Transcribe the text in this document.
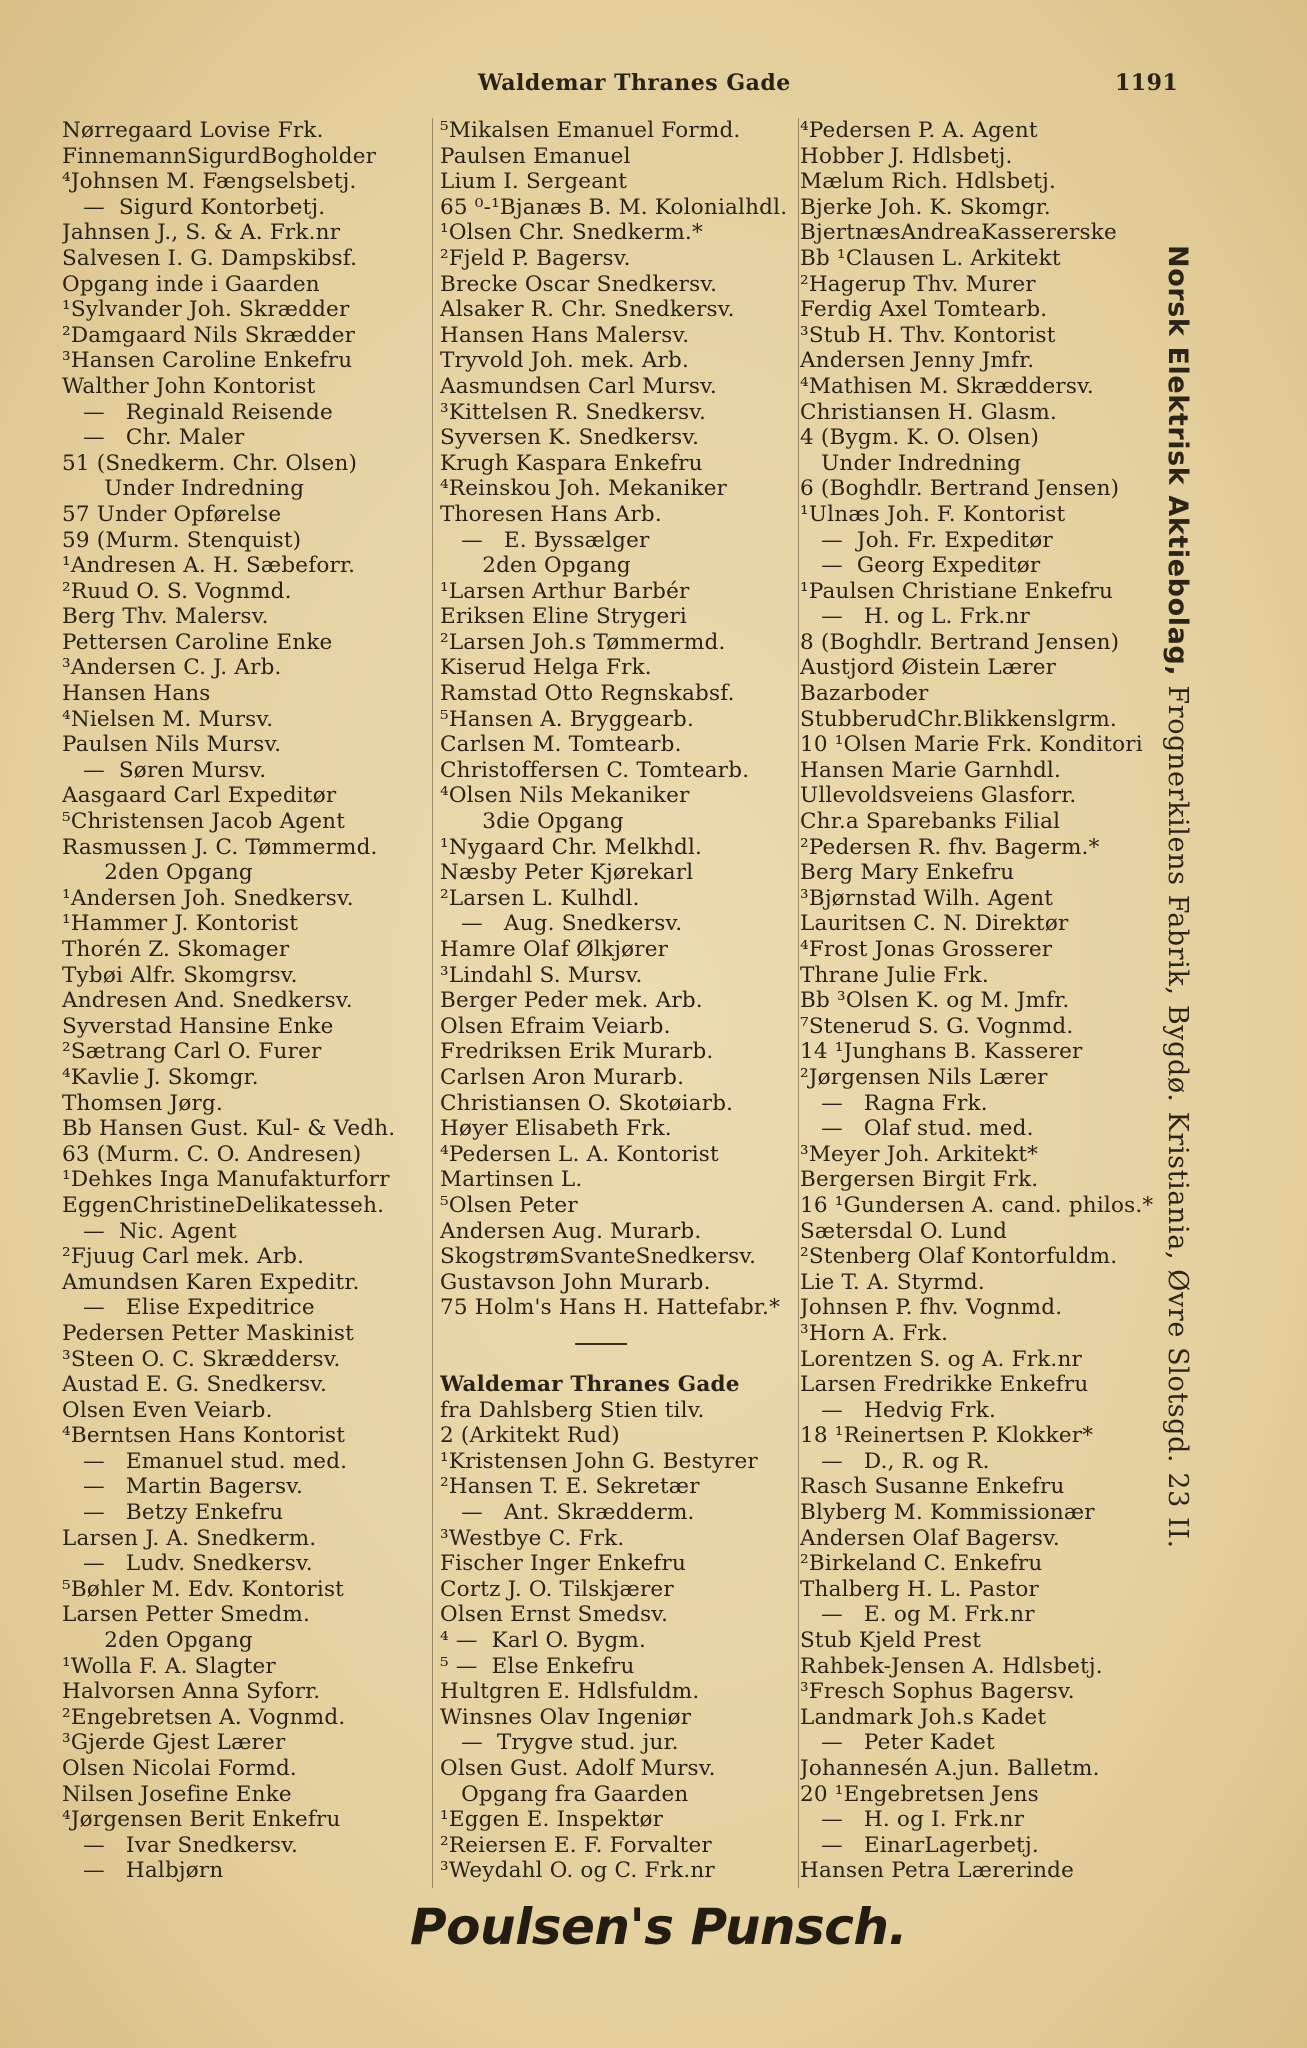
Waldemar Thranes Gade	1191
Nørregaard Lovise Frk.
FinnemannSigurdBogholder
⁴Johnsen M. Fængselsbetj.
—  Sigurd Kontorbetj.
Jahnsen J., S. & A. Frk.nr
Salvesen I. G. Dampskibsf.
Opgang inde i Gaarden
¹Sylvander Joh. Skrædder
²Damgaard Nils Skrædder
³Hansen Caroline Enkefru
Walther John Kontorist
—   Reginald Reisende
—   Chr. Maler
51 (Snedkerm. Chr. Olsen)
Under Indredning
57 Under Opførelse
59 (Murm. Stenquist)
¹Andresen A. H. Sæbeforr.
²Ruud O. S. Vognmd.
Berg Thv. Malersv.
Pettersen Caroline Enke
³Andersen C. J. Arb.
Hansen Hans
⁴Nielsen M. Mursv.
Paulsen Nils Mursv.
—  Søren Mursv.
Aasgaard Carl Expeditør
⁵Christensen Jacob Agent
Rasmussen J. C. Tømmermd.
2den Opgang
¹Andersen Joh. Snedkersv.
¹Hammer J. Kontorist
Thorén Z. Skomager
Tybøi Alfr. Skomgrsv.
Andresen And. Snedkersv.
Syverstad Hansine Enke
²Sætrang Carl O. Furer
⁴Kavlie J. Skomgr.
Thomsen Jørg.
Bb Hansen Gust. Kul- & Vedh.
63 (Murm. C. O. Andresen)
¹Dehkes Inga Manufakturforr
EggenChristineDelikatesseh.
—  Nic. Agent
²Fjuug Carl mek. Arb.
Amundsen Karen Expeditr.
—   Elise Expeditrice
Pedersen Petter Maskinist
³Steen O. C. Skræddersv.
Austad E. G. Snedkersv.
Olsen Even Veiarb.
⁴Berntsen Hans Kontorist
—   Emanuel stud. med.
—   Martin Bagersv.
—   Betzy Enkefru
Larsen J. A. Snedkerm.
—   Ludv. Snedkersv.
⁵Bøhler M. Edv. Kontorist
Larsen Petter Smedm.
2den Opgang
¹Wolla F. A. Slagter
Halvorsen Anna Syforr.
²Engebretsen A. Vognmd.
³Gjerde Gjest Lærer
Olsen Nicolai Formd.
Nilsen Josefine Enke
⁴Jørgensen Berit Enkefru
—   Ivar Snedkersv.
—   Halbjørn
⁵Mikalsen Emanuel Formd.
Paulsen Emanuel
Lium I. Sergeant
65 ⁰-¹Bjanæs B. M. Kolonialhdl.
¹Olsen Chr. Snedkerm.*
²Fjeld P. Bagersv.
Brecke Oscar Snedkersv.
Alsaker R. Chr. Snedkersv.
Hansen Hans Malersv.
Tryvold Joh. mek. Arb.
Aasmundsen Carl Mursv.
³Kittelsen R. Snedkersv.
Syversen K. Snedkersv.
Krugh Kaspara Enkefru
⁴Reinskou Joh. Mekaniker
Thoresen Hans Arb.
—   E. Byssælger
2den Opgang
¹Larsen Arthur Barbér
Eriksen Eline Strygeri
²Larsen Joh.s Tømmermd.
Kiserud Helga Frk.
Ramstad Otto Regnskabsf.
⁵Hansen A. Bryggearb.
Carlsen M. Tomtearb.
Christoffersen C. Tomtearb.
⁴Olsen Nils Mekaniker
3die Opgang
¹Nygaard Chr. Melkhdl.
Næsby Peter Kjørekarl
²Larsen L. Kulhdl.
—   Aug. Snedkersv.
Hamre Olaf Ølkjører
³Lindahl S. Mursv.
Berger Peder mek. Arb.
Olsen Efraim Veiarb.
Fredriksen Erik Murarb.
Carlsen Aron Murarb.
Christiansen O. Skotøiarb.
Høyer Elisabeth Frk.
⁴Pedersen L. A. Kontorist
Martinsen L.
⁵Olsen Peter
Andersen Aug. Murarb.
SkogstrømSvanteSnedkersv.
Gustavson John Murarb.
75 Holm's Hans H. Hattefabr.*
Waldemar Thranes Gade
fra Dahlsberg Stien tilv.
2 (Arkitekt Rud)
¹Kristensen John G. Bestyrer
²Hansen T. E. Sekretær
—   Ant. Skrædderm.
³Westbye C. Frk.
Fischer Inger Enkefru
Cortz J. O. Tilskjærer
Olsen Ernst Smedsv.
⁴ —  Karl O. Bygm.
⁵ —  Else Enkefru
Hultgren E. Hdlsfuldm.
Winsnes Olav Ingeniør
—  Trygve stud. jur.
Olsen Gust. Adolf Mursv.
Opgang fra Gaarden
¹Eggen E. Inspektør
²Reiersen E. F. Forvalter
³Weydahl O. og C. Frk.nr
⁴Pedersen P. A. Agent
Hobber J. Hdlsbetj.
Mælum Rich. Hdlsbetj.
Bjerke Joh. K. Skomgr.
BjertnæsAndreaKassererske
Bb ¹Clausen L. Arkitekt
²Hagerup Thv. Murer
Ferdig Axel Tomtearb.
³Stub H. Thv. Kontorist
Andersen Jenny Jmfr.
⁴Mathisen M. Skræddersv.
Christiansen H. Glasm.
4 (Bygm. K. O. Olsen)
Under Indredning
6 (Boghdlr. Bertrand Jensen)
¹Ulnæs Joh. F. Kontorist
—  Joh. Fr. Expeditør
—  Georg Expeditør
¹Paulsen Christiane Enkefru
—   H. og L. Frk.nr
8 (Boghdlr. Bertrand Jensen)
Austjord Øistein Lærer
Bazarboder
StubberudChr.Blikkenslgrm.
10 ¹Olsen Marie Frk. Konditori
Hansen Marie Garnhdl.
Ullevoldsveiens Glasforr.
Chr.a Sparebanks Filial
²Pedersen R. fhv. Bagerm.*
Berg Mary Enkefru
³Bjørnstad Wilh. Agent
Lauritsen C. N. Direktør
⁴Frost Jonas Grosserer
Thrane Julie Frk.
Bb ³Olsen K. og M. Jmfr.
⁷Stenerud S. G. Vognmd.
14 ¹Junghans B. Kasserer
²Jørgensen Nils Lærer
—   Ragna Frk.
—   Olaf stud. med.
³Meyer Joh. Arkitekt*
Bergersen Birgit Frk.
16 ¹Gundersen A. cand. philos.*
Sætersdal O. Lund
²Stenberg Olaf Kontorfuldm.
Lie T. A. Styrmd.
Johnsen P. fhv. Vognmd.
³Horn A. Frk.
Lorentzen S. og A. Frk.nr
Larsen Fredrikke Enkefru
—   Hedvig Frk.
18 ¹Reinertsen P. Klokker*
—   D., R. og R.
Rasch Susanne Enkefru
Blyberg M. Kommissionær
Andersen Olaf Bagersv.
²Birkeland C. Enkefru
Thalberg H. L. Pastor
—   E. og M. Frk.nr
Stub Kjeld Prest
Rahbek-Jensen A. Hdlsbetj.
³Fresch Sophus Bagersv.
Landmark Joh.s Kadet
—   Peter Kadet
Johannesén A.jun. Balletm.
20 ¹Engebretsen Jens
—   H. og I. Frk.nr
—   EinarLagerbetj.
Hansen Petra Lærerinde
Norsk Elektrisk Aktiebolag, Frognerkilens Fabrik, Bygdø. Kristiania, Øvre Slotsgd. 23 II.
Poulsen's Punsch.
